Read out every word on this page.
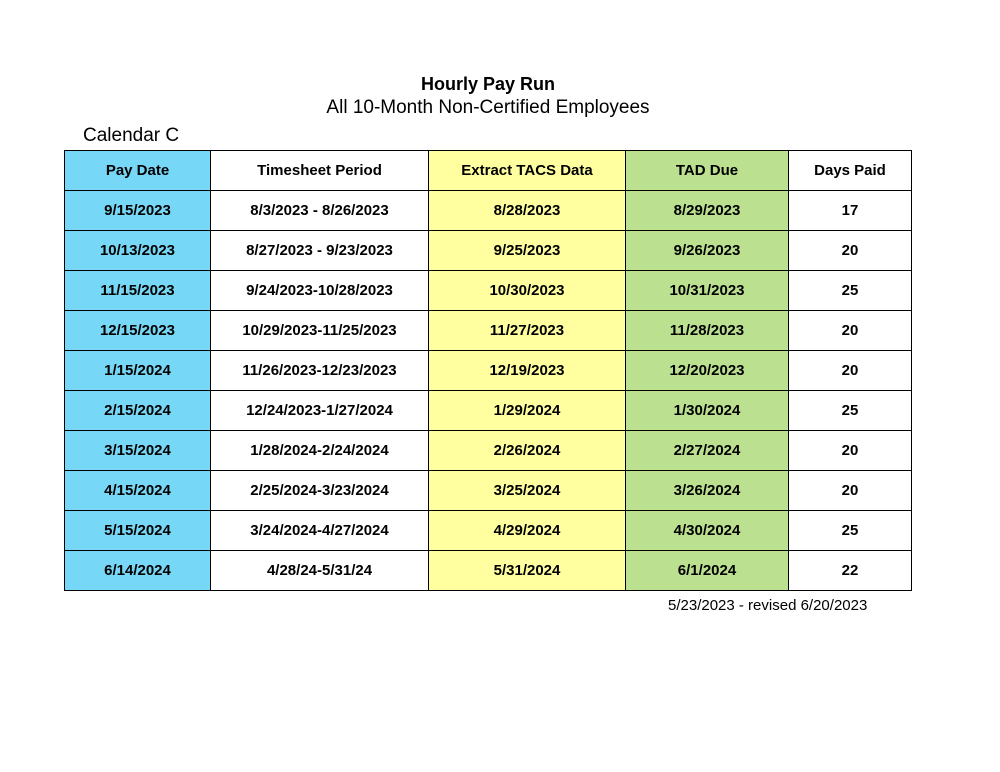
Hourly Pay Run
All 10-Month Non-Certified Employees
Calendar C
Pay Date	Timesheet Period	Extract TACS Data	TAD Due	Days Paid
9/15/2023	8/3/2023 - 8/26/2023	8/28/2023	8/29/2023	17
10/13/2023	8/27/2023 - 9/23/2023	9/25/2023	9/26/2023	20
11/15/2023	9/24/2023-10/28/2023	10/30/2023	10/31/2023	25
12/15/2023	10/29/2023-11/25/2023	11/27/2023	11/28/2023	20
1/15/2024	11/26/2023-12/23/2023	12/19/2023	12/20/2023	20
2/15/2024	12/24/2023-1/27/2024	1/29/2024	1/30/2024	25
3/15/2024	1/28/2024-2/24/2024	2/26/2024	2/27/2024	20
4/15/2024	2/25/2024-3/23/2024	3/25/2024	3/26/2024	20
5/15/2024	3/24/2024-4/27/2024	4/29/2024	4/30/2024	25
6/14/2024	4/28/24-5/31/24	5/31/2024	6/1/2024	22
5/23/2023 - revised 6/20/2023
